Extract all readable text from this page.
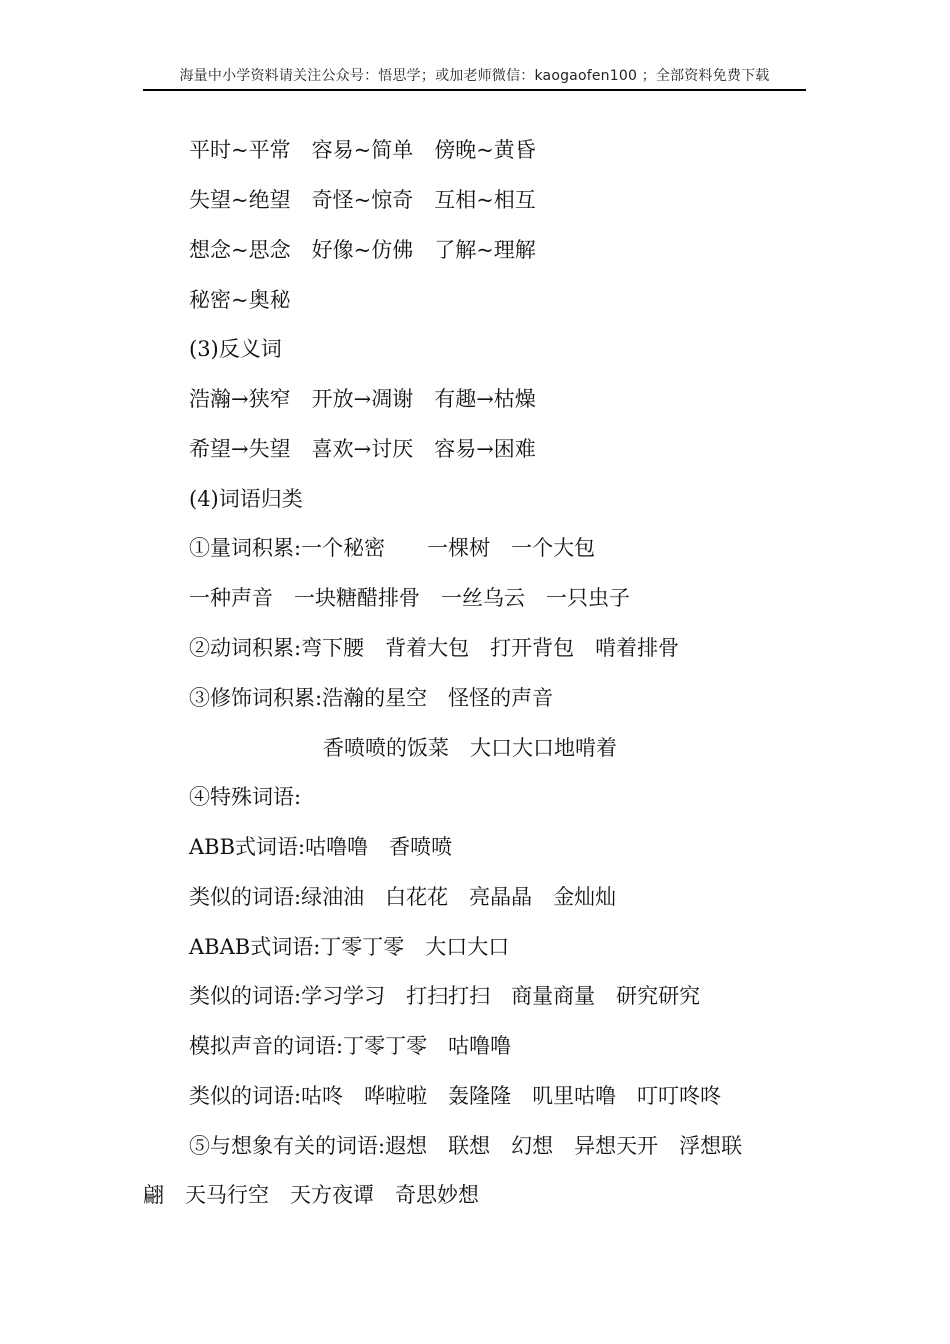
海量中小学资料请关注公众号：悟思学；或加老师微信：kaogaofen100 ；全部资料免费下载
平时~平常　容易~简单　傍晚~黄昏
失望~绝望　奇怪~惊奇　互相~相互
想念~思念　好像~仿佛　了解~理解
秘密~奥秘
(3)反义词
浩瀚→狭窄　开放→凋谢　有趣→枯燥
希望→失望　喜欢→讨厌　容易→困难
(4)词语归类
①量词积累:一个秘密　　一棵树　一个大包
一种声音　一块糖醋排骨　一丝乌云　一只虫子
②动词积累:弯下腰　背着大包　打开背包　啃着排骨
③修饰词积累:浩瀚的星空　怪怪的声音
香喷喷的饭菜　大口大口地啃着
④特殊词语:
ABB式词语:咕噜噜　香喷喷
类似的词语:绿油油　白花花　亮晶晶　金灿灿
ABAB式词语:丁零丁零　大口大口
类似的词语:学习学习　打扫打扫　商量商量　研究研究
模拟声音的词语:丁零丁零　咕噜噜
类似的词语:咕咚　哗啦啦　轰隆隆　叽里咕噜　叮叮咚咚
⑤与想象有关的词语:遐想　联想　幻想　异想天开　浮想联
翩　天马行空　天方夜谭　奇思妙想
